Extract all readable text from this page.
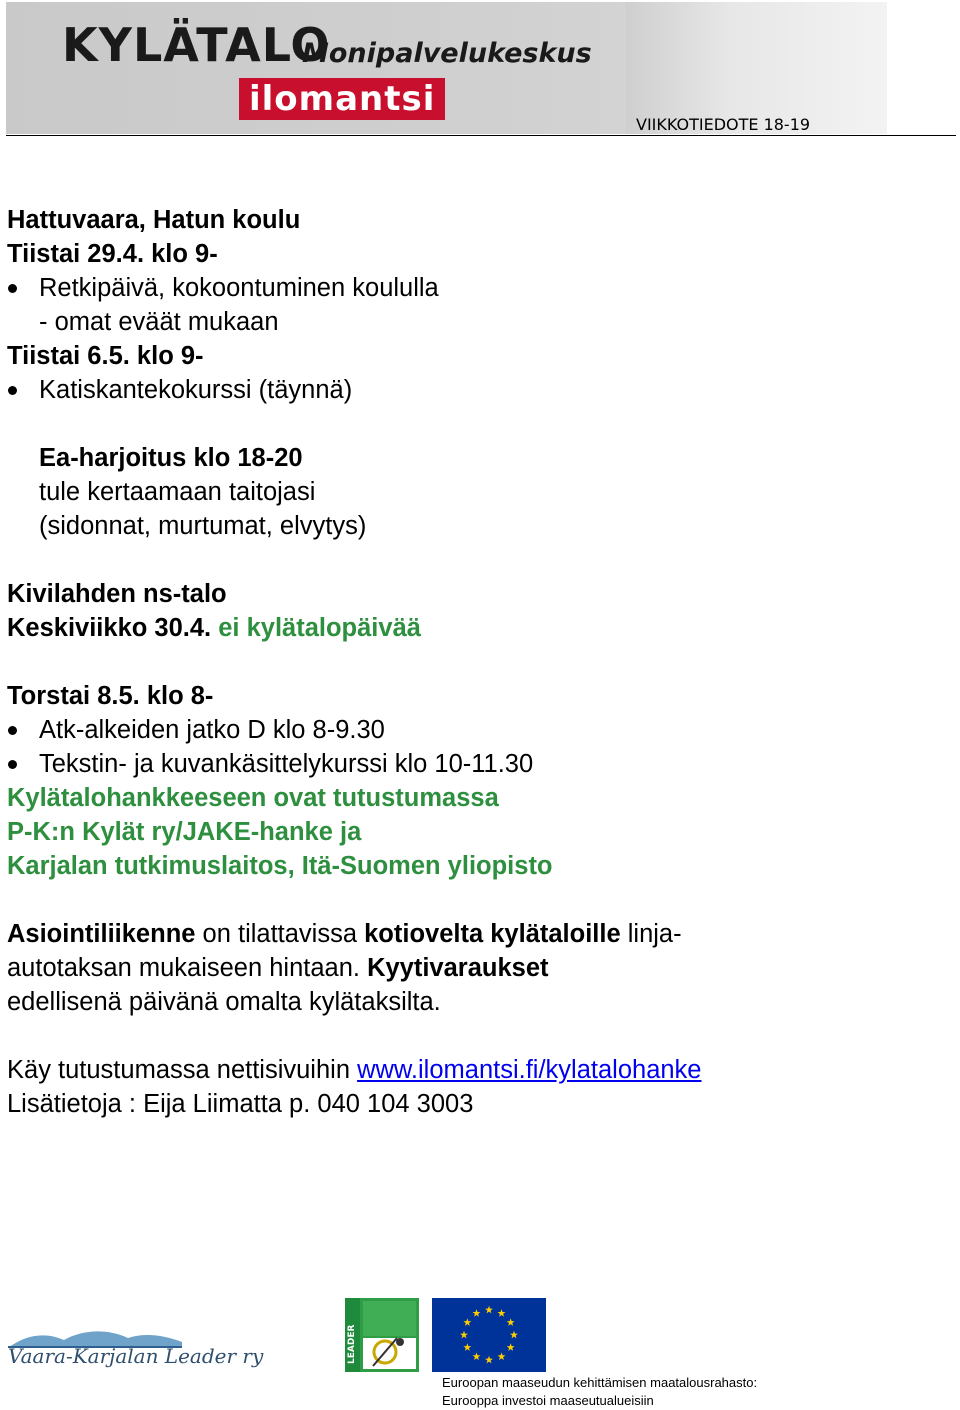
KYLÄTALO
Monipalvelukeskus
ilomantsi
VIIKKOTIEDOTE 18-19
Hattuvaara, Hatun koulu
Tiistai 29.4. klo 9-
Retkipäivä, kokoontuminen koululla
- omat eväät mukaan
Tiistai 6.5. klo 9-
Katiskantekokurssi (täynnä)
Ea-harjoitus klo 18-20
tule kertaamaan taitojasi
(sidonnat, murtumat, elvytys)
Kivilahden ns-talo
Keskiviikko 30.4. ei kylätalopäivää
Torstai 8.5. klo 8-
Atk-alkeiden jatko D klo 8-9.30
Tekstin- ja kuvankäsittelykurssi klo 10-11.30
Kylätalohankkeeseen ovat tutustumassa
P-K:n Kylät ry/JAKE-hanke ja
Karjalan tutkimuslaitos, Itä-Suomen yliopisto
Asiointiliikenne on tilattavissa kotiovelta kylätaloille linja-
autotaksan mukaiseen hintaan. Kyytivaraukset
edellisenä päivänä omalta kylätaksilta.
Käy tutustumassa nettisivuihin www.ilomantsi.fi/kylatalohanke
Lisätietoja : Eija Liimatta p. 040 104 3003
Vaara-Karjalan Leader ry	LEADER
Euroopan maaseudun kehittämisen maatalousrahasto:
Eurooppa investoi maaseutualueisiin
